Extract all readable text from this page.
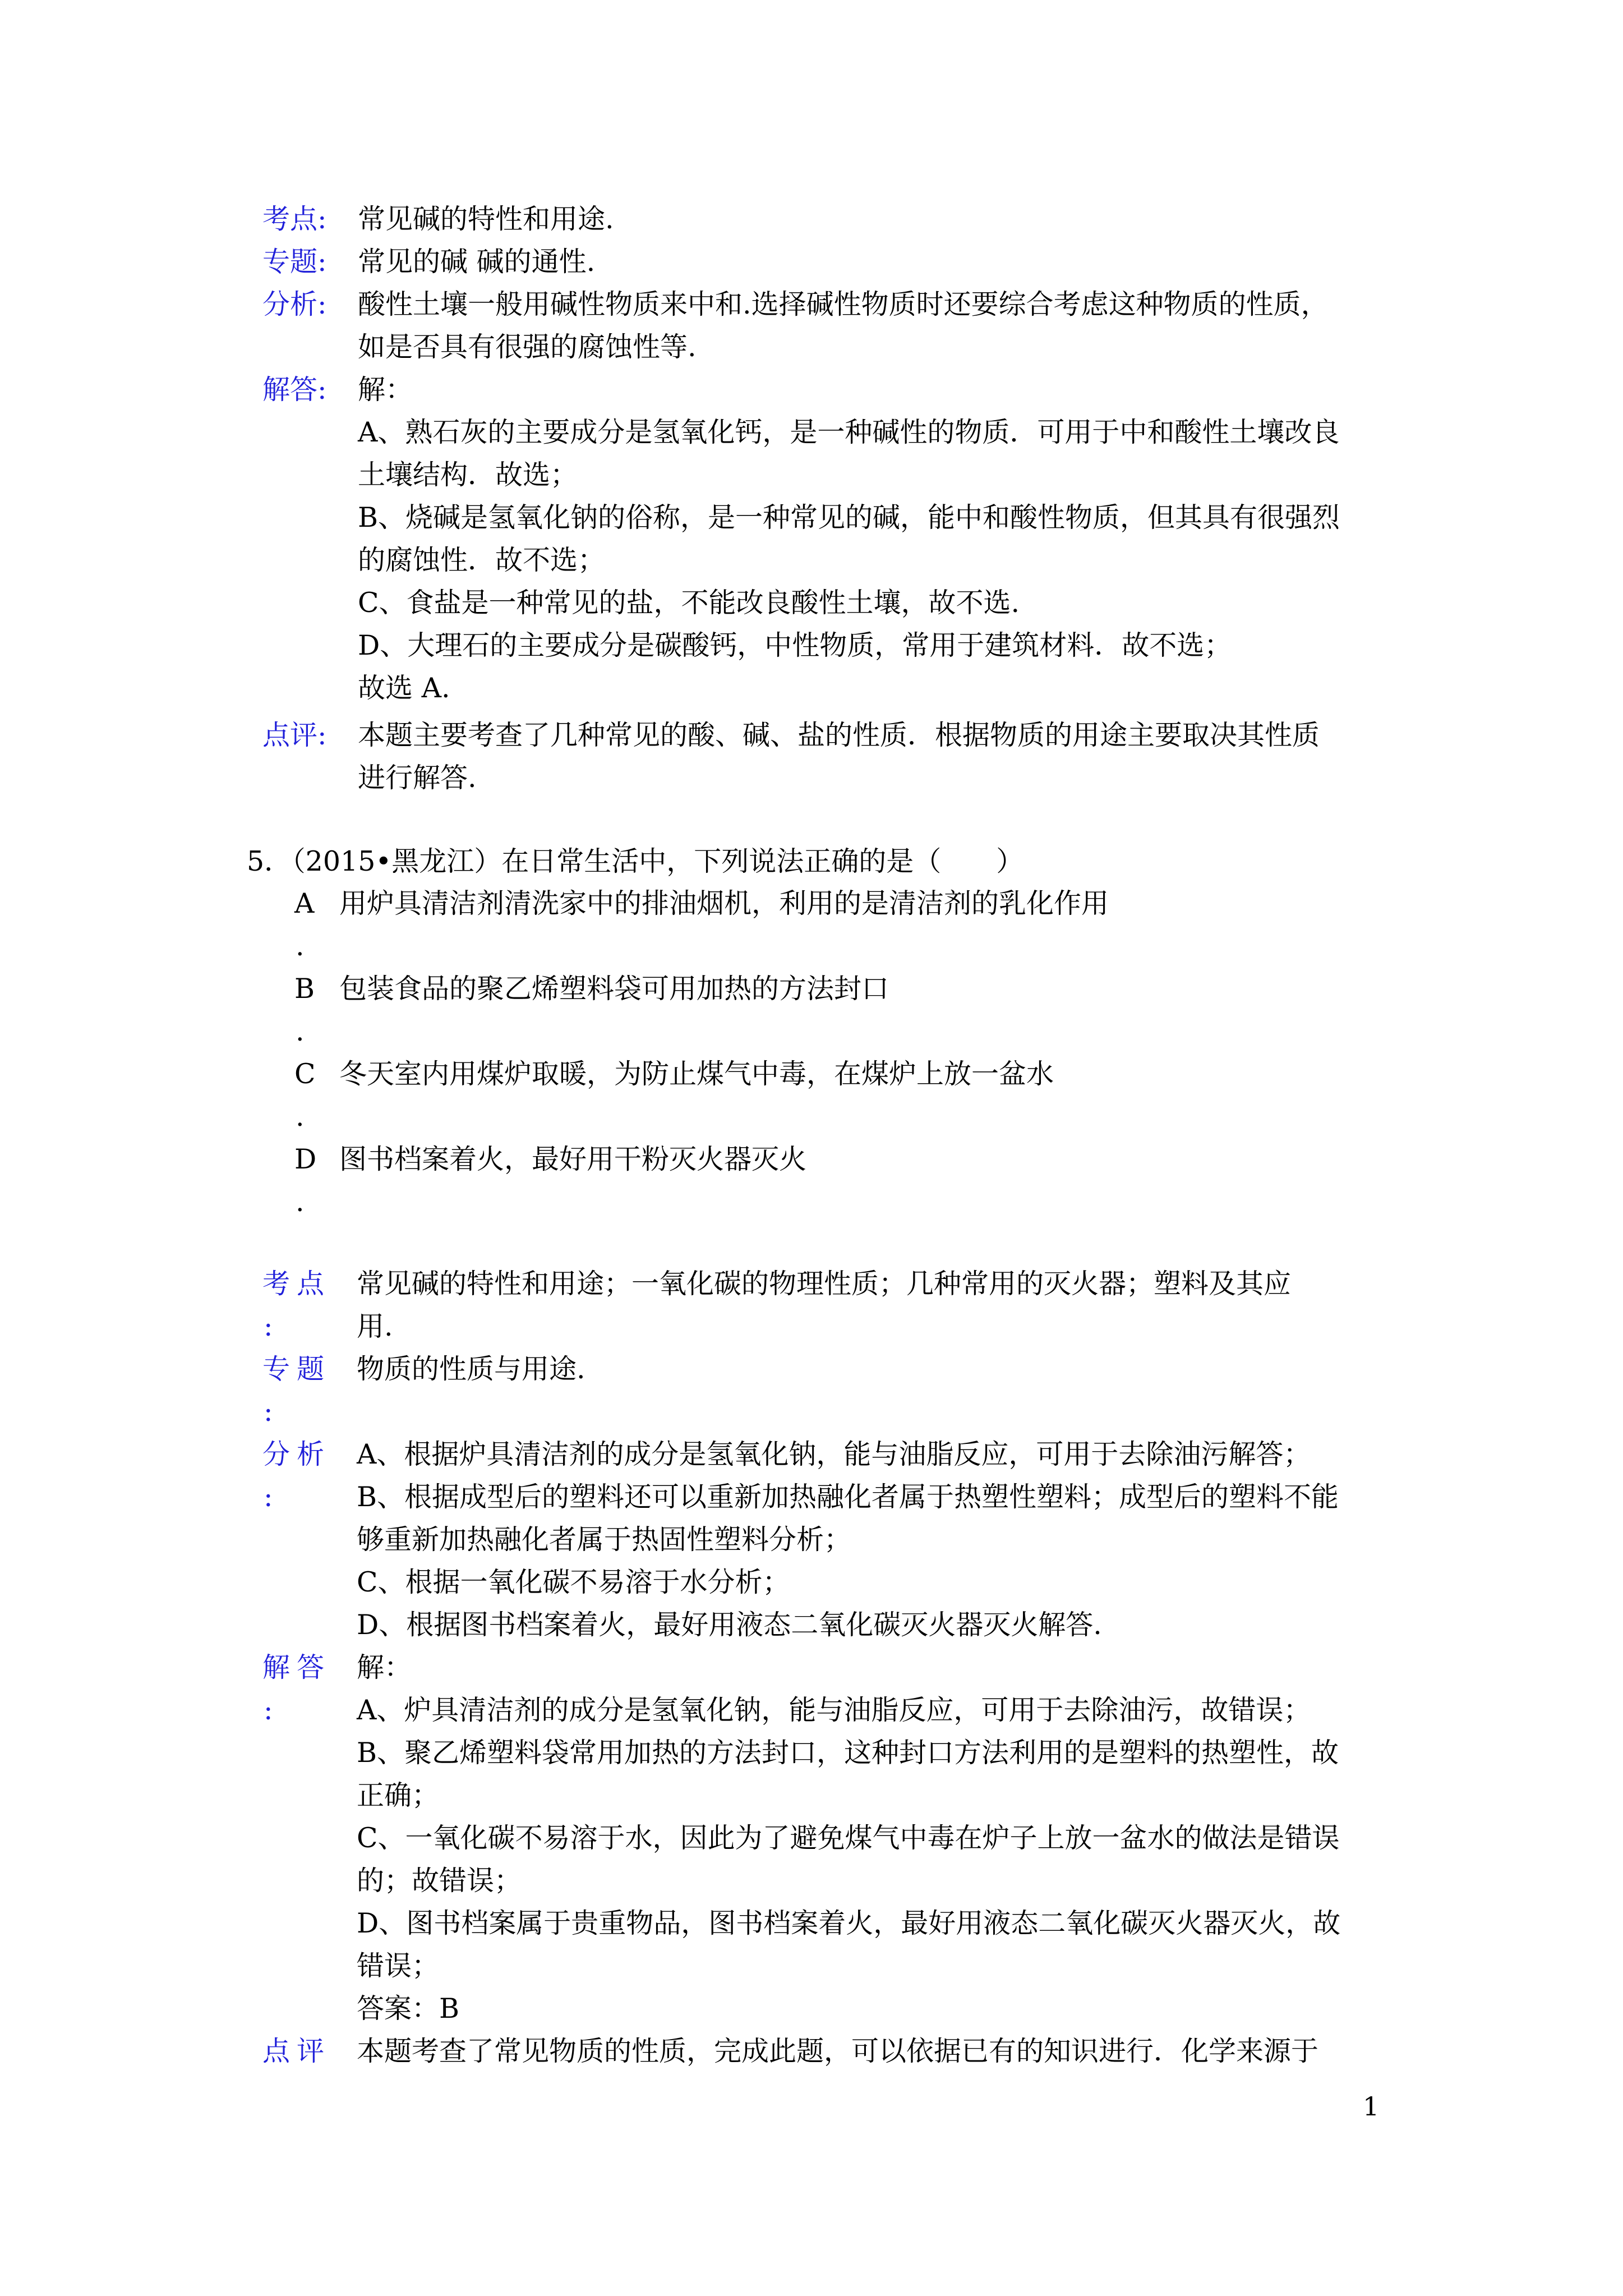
考点: 常见碱的特性和用途.
专题: 常见的碱 碱的通性.
分析: 酸性土壤一般用碱性物质来中和.选择碱性物质时还要综合考虑这种物质的性质，
如是否具有很强的腐蚀性等.
解答: 解：
A、熟石灰的主要成分是氢氧化钙，是一种碱性的物质．可用于中和酸性土壤改良
土壤结构．故选；
B、烧碱是氢氧化钠的俗称，是一种常见的碱，能中和酸性物质，但其具有很强烈
的腐蚀性．故不选；
C、食盐是一种常见的盐，不能改良酸性土壤，故不选.
D、大理石的主要成分是碳酸钙，中性物质，常用于建筑材料．故不选；
故选 A.
点评: 本题主要考查了几种常见的酸、碱、盐的性质．根据物质的用途主要取决其性质
进行解答.
5．（2015•黑龙江）在日常生活中，下列说法正确的是（　　）
A 用炉具清洁剂清洗家中的排油烟机，利用的是清洁剂的乳化作用
.
B 包装食品的聚乙烯塑料袋可用加热的方法封口
.
C 冬天室内用煤炉取暖，为防止煤气中毒，在煤炉上放一盆水
.
D 图书档案着火，最好用干粉灭火器灭火
.
考点
:
常见碱的特性和用途；一氧化碳的物理性质；几种常用的灭火器；塑料及其应
用.
专题
:
物质的性质与用途.
分析
:
A、根据炉具清洁剂的成分是氢氧化钠，能与油脂反应，可用于去除油污解答；
B、根据成型后的塑料还可以重新加热融化者属于热塑性塑料；成型后的塑料不能
够重新加热融化者属于热固性塑料分析；
C、根据一氧化碳不易溶于水分析；
D、根据图书档案着火，最好用液态二氧化碳灭火器灭火解答.
解答
:
解：
A、炉具清洁剂的成分是氢氧化钠，能与油脂反应，可用于去除油污，故错误；
B、聚乙烯塑料袋常用加热的方法封口，这种封口方法利用的是塑料的热塑性，故
正确；
C、一氧化碳不易溶于水，因此为了避免煤气中毒在炉子上放一盆水的做法是错误
的；故错误；
D、图书档案属于贵重物品，图书档案着火，最好用液态二氧化碳灭火器灭火，故
错误；
答案：B
点评 本题考查了常见物质的性质，完成此题，可以依据已有的知识进行．化学来源于
1
